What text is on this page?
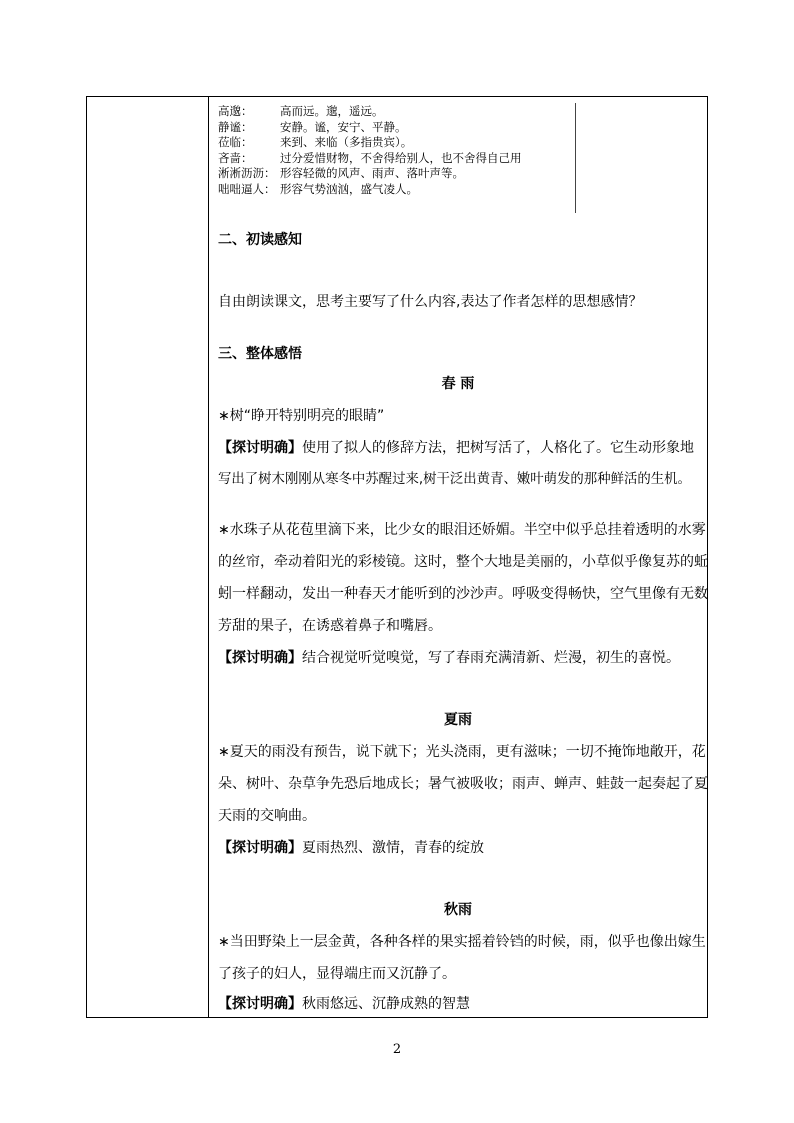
高邈：	高而远。邈，遥远。
静谧：	安静。谧，安宁、平静。
莅临：	来到、来临（多指贵宾）。
吝啬：	过分爱惜财物，不舍得给别人，也不舍得自己用
淅淅沥沥： 形容轻微的风声、雨声、落叶声等。
咄咄逼人： 形容气势汹汹，盛气凌人。
二、初读感知
自由朗读课文，思考主要写了什么内容,表达了作者怎样的思想感情？
三、整体感悟
春 雨
∗树“睁开特别明亮的眼睛”
【探讨明确】使用了拟人的修辞方法，把树写活了，人格化了。它生动形象地
写出了树木刚刚从寒冬中苏醒过来,树干泛出黄青、嫩叶萌发的那种鲜活的生机。
∗水珠子从花苞里滴下来，比少女的眼泪还娇媚。半空中似乎总挂着透明的水雾
的丝帘，牵动着阳光的彩棱镜。这时，整个大地是美丽的，小草似乎像复苏的蚯
蚓一样翻动，发出一种春天才能听到的沙沙声。呼吸变得畅快，空气里像有无数
芳甜的果子，在诱惑着鼻子和嘴唇。
【探讨明确】结合视觉听觉嗅觉，写了春雨充满清新、烂漫，初生的喜悦。
夏雨
∗夏天的雨没有预告，说下就下；光头浇雨，更有滋味；一切不掩饰地敞开，花
朵、树叶、杂草争先恐后地成长；暑气被吸收；雨声、蝉声、蛙鼓一起奏起了夏
天雨的交响曲。
【探讨明确】夏雨热烈、激情，青春的绽放
秋雨
∗当田野染上一层金黄，各种各样的果实摇着铃铛的时候，雨，似乎也像出嫁生
了孩子的妇人，显得端庄而又沉静了。
【探讨明确】秋雨悠远、沉静成熟的智慧
2
